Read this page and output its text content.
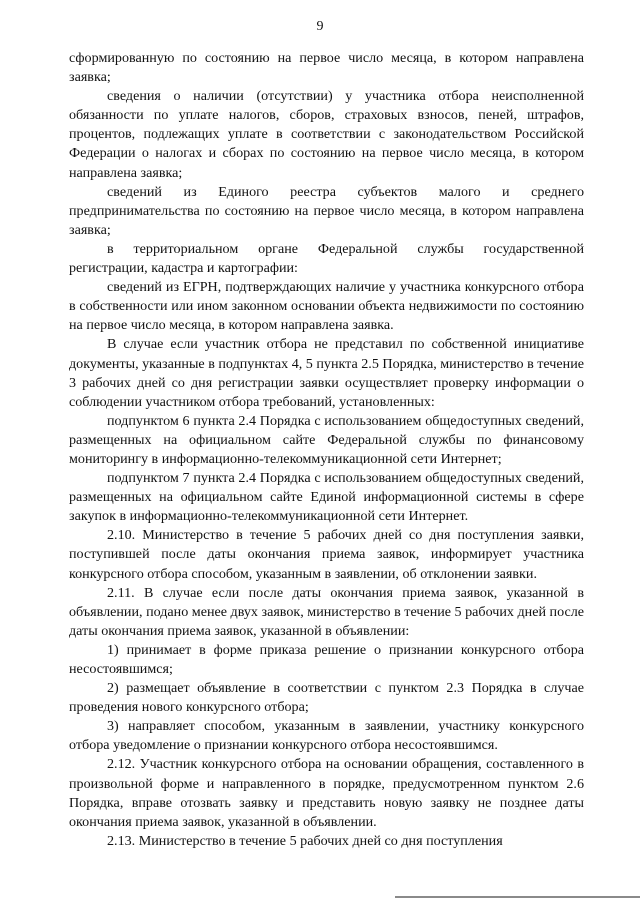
9

сформированную по состоянию на первое число месяца, в котором направлена заявка;

сведения о наличии (отсутствии) у участника отбора неисполненной обязанности по уплате налогов, сборов, страховых взносов, пеней, штрафов, процентов, подлежащих уплате в соответствии с законодательством Российской Федерации о налогах и сборах по состоянию на первое число месяца, в котором направлена заявка;

сведений из Единого реестра субъектов малого и среднего предпринимательства по состоянию на первое число месяца, в котором направлена заявка;

в территориальном органе Федеральной службы государственной регистрации, кадастра и картографии:

сведений из ЕГРН, подтверждающих наличие у участника конкурсного отбора в собственности или ином законном основании объекта недвижимости по состоянию на первое число месяца, в котором направлена заявка.

В случае если участник отбора не представил по собственной инициативе документы, указанные в подпунктах 4, 5 пункта 2.5 Порядка, министерство в течение 3 рабочих дней со дня регистрации заявки осуществляет проверку информации о соблюдении участником отбора требований, установленных:

подпунктом 6 пункта 2.4 Порядка с использованием общедоступных сведений, размещенных на официальном сайте Федеральной службы по финансовому мониторингу в информационно-телекоммуникационной сети Интернет;

подпунктом 7 пункта 2.4 Порядка с использованием общедоступных сведений, размещенных на официальном сайте Единой информационной системы в сфере закупок в информационно-телекоммуникационной сети Интернет.

2.10. Министерство в течение 5 рабочих дней со дня поступления заявки, поступившей после даты окончания приема заявок, информирует участника конкурсного отбора способом, указанным в заявлении, об отклонении заявки.

2.11. В случае если после даты окончания приема заявок, указанной в объявлении, подано менее двух заявок, министерство в течение 5 рабочих дней после даты окончания приема заявок, указанной в объявлении:

1) принимает в форме приказа решение о признании конкурсного отбора несостоявшимся;

2) размещает объявление в соответствии с пунктом 2.3 Порядка в случае проведения нового конкурсного отбора;

3) направляет способом, указанным в заявлении, участнику конкурсного отбора уведомление о признании конкурсного отбора несостоявшимся.

2.12. Участник конкурсного отбора на основании обращения, составленного в произвольной форме и направленного в порядке, предусмотренном пунктом 2.6 Порядка, вправе отозвать заявку и представить новую заявку не позднее даты окончания приема заявок, указанной в объявлении.

2.13. Министерство в течение 5 рабочих дней со дня поступления
